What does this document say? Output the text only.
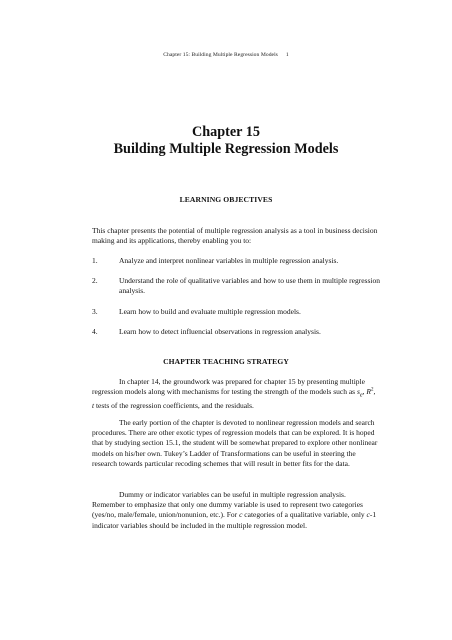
Chapter 15: Building Multiple Regression Models 1
Chapter 15
Building Multiple Regression Models
LEARNING OBJECTIVES
This chapter presents the potential of multiple regression analysis as a tool in business decision making and its applications, thereby enabling you to:
1.	Analyze and interpret nonlinear variables in multiple regression analysis.
2.	Understand the role of qualitative variables and how to use them in multiple regression analysis.
3.	Learn how to build and evaluate multiple regression models.
4.	Learn how to detect influencial observations in regression analysis.
CHAPTER TEACHING STRATEGY
In chapter 14, the groundwork was prepared for chapter 15 by presenting multiple regression models along with mechanisms for testing the strength of the models such as $s_e$, $R^2$, t tests of the regression coefficients, and the residuals.
The early portion of the chapter is devoted to nonlinear regression models and search procedures. There are other exotic types of regression models that can be explored. It is hoped that by studying section 15.1, the student will be somewhat prepared to explore other nonlinear models on his/her own. Tukey’s Ladder of Transformations can be useful in steering the research towards particular recoding schemes that will result in better fits for the data.
Dummy or indicator variables can be useful in multiple regression analysis. Remember to emphasize that only one dummy variable is used to represent two categories (yes/no, male/female, union/nonunion, etc.). For c categories of a qualitative variable, only c-1 indicator variables should be included in the multiple regression model.
